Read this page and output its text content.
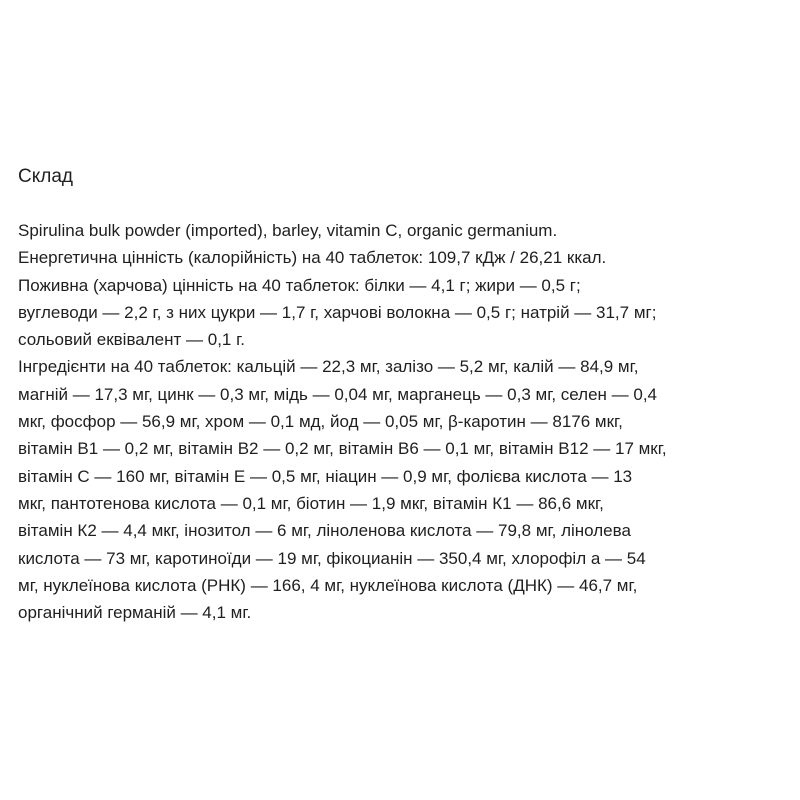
Склад
Spirulina bulk powder (imported), barley, vitamin C, organic germanium.
Енергетична цінність (калорійність) на 40 таблеток: 109,7 кДж / 26,21 ккал.
Поживна (харчова) цінність на 40 таблеток: білки — 4,1 г; жири — 0,5 г;
вуглеводи — 2,2 г, з них цукри — 1,7 г, харчові волокна — 0,5 г; натрій — 31,7 мг;
сольовий еквівалент — 0,1 г.
Інгредієнти на 40 таблеток: кальцій — 22,3 мг, залізо — 5,2 мг, калій — 84,9 мг,
магній — 17,3 мг, цинк — 0,3 мг, мідь — 0,04 мг, марганець — 0,3 мг, селен — 0,4
мкг, фосфор — 56,9 мг, хром — 0,1 мд, йод — 0,05 мг, β-каротин — 8176 мкг,
вітамін В1 — 0,2 мг, вітамін В2 — 0,2 мг, вітамін В6 — 0,1 мг, вітамін В12 — 17 мкг,
вітамін С — 160 мг, вітамін Е — 0,5 мг, ніацин — 0,9 мг, фолієва кислота — 13
мкг, пантотенова кислота — 0,1 мг, біотин — 1,9 мкг, вітамін К1 — 86,6 мкг,
вітамін К2 — 4,4 мкг, інозитол — 6 мг, ліноленова кислота — 79,8 мг, лінолева
кислота — 73 мг, каротиноїди — 19 мг, фікоцианін — 350,4 мг, хлорофіл а — 54
мг, нуклеїнова кислота (РНК) — 166, 4 мг, нуклеїнова кислота (ДНК) — 46,7 мг,
органічний германій — 4,1 мг.
